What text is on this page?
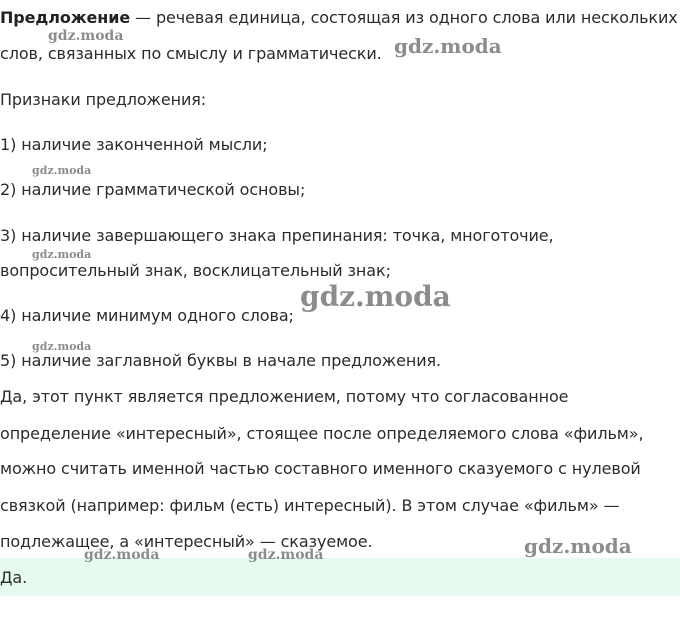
Предложение — речевая единица, состоящая из одного слова или нескольких
слов, связанных по смыслу и грамматически.
Признаки предложения:
1) наличие законченной мысли;
2) наличие грамматической основы;
3) наличие завершающего знака препинания: точка, многоточие,
вопросительный знак, восклицательный знак;
4) наличие минимум одного слова;
5) наличие заглавной буквы в начале предложения.
Да, этот пункт является предложением, потому что согласованное
определение «интересный», стоящее после определяемого слова «фильм»,
можно считать именной частью составного именного сказуемого с нулевой
связкой (например: фильм (есть) интересный). В этом случае «фильм» —
подлежащее, а «интересный» — сказуемое.
Да.
gdz.moda	gdz.moda
gdz.moda
gdz.moda
gdz.moda
gdz.moda
gdz.moda
gdz.moda	gdz.moda
